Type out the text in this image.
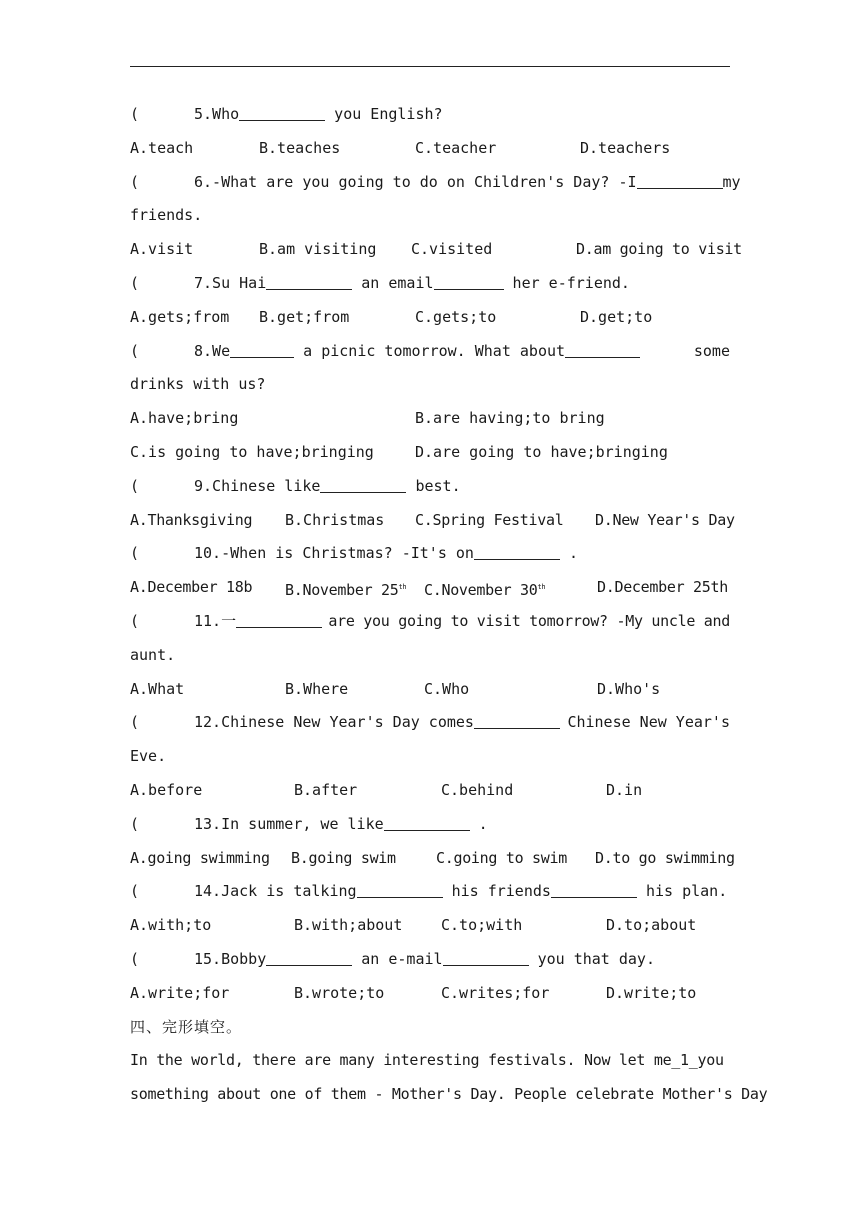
(	5.Who	you English?
A.teach	B.teaches	C.teacher	D.teachers
(	6.-What are you going to do on Children's Day? -I	my
friends.
A.visit	B.am visiting C.visited	D.am going to visit
(	7.Su Hai	an email	her e-friend.
A.gets;from B.get;from	C.gets;to	D.get;to
(	8.We	a picnic tomorrow. What about	some
drinks with us?
A.have;bring	B.are having;to bring
C.is going to have;bringing	D.are going to have;bringing
(	9.Chinese like	best.
A.Thanksgiving B.Christmas C.Spring Festival D.New Year's Day
(	10.-When is Christmas? -It's on	.
A.December 18b B.November 25th C.November 30th	D.December 25th
(	11.一	are you going to visit tomorrow? -My uncle and
aunt.
A.What	B.Where	C.Who	D.Who's
(	12.Chinese New Year's Day comes	Chinese New Year's
Eve.
A.before	B.after	C.behind	D.in
(	13.In summer, we like	.
A.going swimming B.going swim	C.going to swim D.to go swimming
(	14.Jack is talking	his friends	his plan.
A.with;to	B.with;about	C.to;with	D.to;about
(	15.Bobby	an e-mail	you that day.
A.write;for	B.wrote;to	C.writes;for	D.write;to
四、完形填空。
In the world, there are many interesting festivals. Now let me_1_you
something about one of them - Mother's Day. People celebrate Mother's Day
